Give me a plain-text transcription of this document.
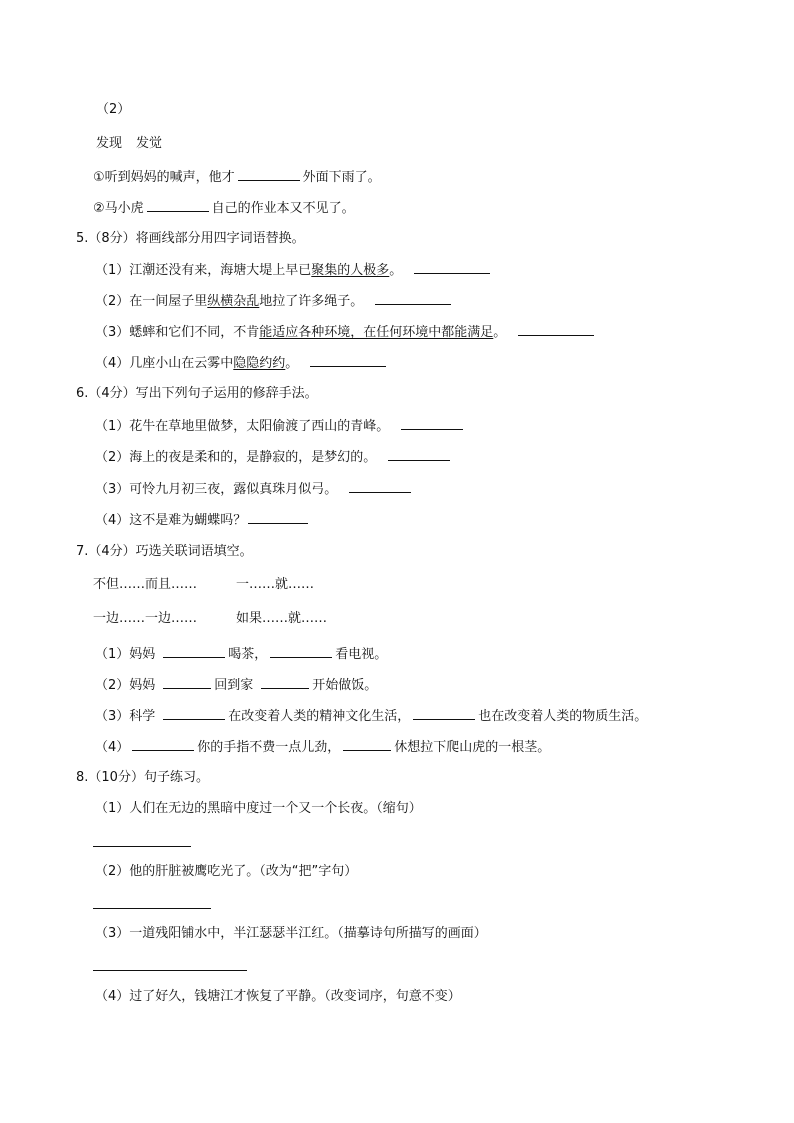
（2）
发现 发觉
①听到妈妈的喊声，他才	外面下雨了。
②马小虎	自己的作业本又不见了。
5.（8分）将画线部分用四字词语替换。
（1）江潮还没有来，海塘大堤上早已聚集的人极多。
（2）在一间屋子里纵横杂乱地拉了许多绳子。
（3）蟋蟀和它们不同，不肯能适应各种环境，在任何环境中都能满足。
（4）几座小山在云雾中隐隐约约。
6.（4分）写出下列句子运用的修辞手法。
（1）花牛在草地里做梦，太阳偷渡了西山的青峰。
（2）海上的夜是柔和的，是静寂的，是梦幻的。
（3）可怜九月初三夜，露似真珠月似弓。
（4）这不是难为蝴蝶吗？
7.（4分）巧选关联词语填空。
不但……而且……	一……就……
一边……一边……	如果……就……
（1）妈妈	喝茶，	看电视。
（2）妈妈	回到家	开始做饭。
（3）科学	在改变着人类的精神文化生活，	也在改变着人类的物质生活。
（4）	你的手指不费一点儿劲，	休想拉下爬山虎的一根茎。
8.（10分）句子练习。
（1）人们在无边的黑暗中度过一个又一个长夜。（缩句）
（2）他的肝脏被鹰吃光了。（改为“把”字句）
（3）一道残阳铺水中，半江瑟瑟半江红。（描摹诗句所描写的画面）
（4）过了好久，钱塘江才恢复了平静。（改变词序，句意不变）
